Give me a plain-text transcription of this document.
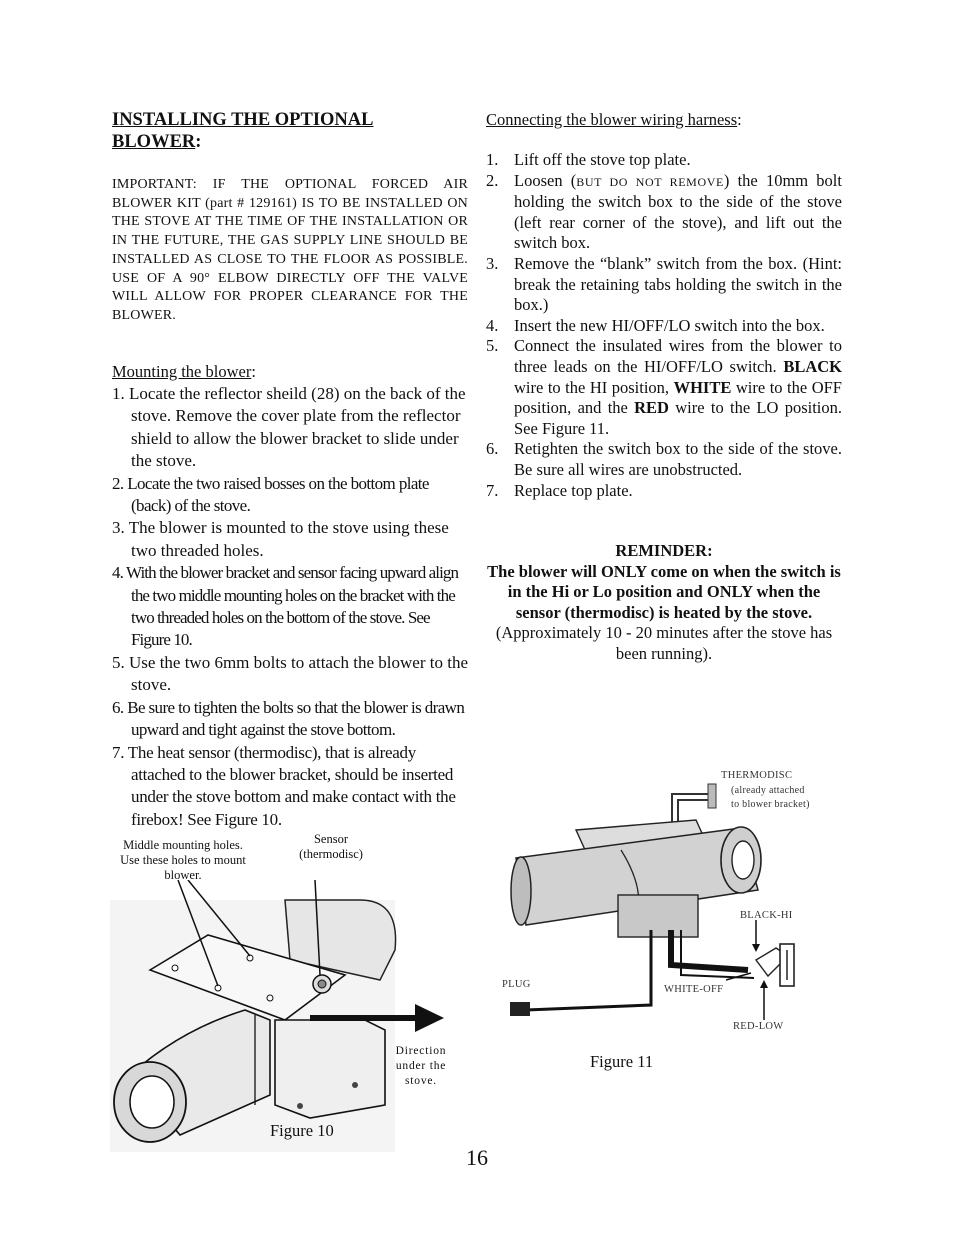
INSTALLING THE OPTIONAL
BLOWER:
IMPORTANT: IF THE OPTIONAL FORCED AIR BLOWER KIT (part # 129161) IS TO BE INSTALLED ON THE STOVE AT THE TIME OF THE INSTALLATION OR IN THE FUTURE, THE GAS SUPPLY LINE SHOULD BE INSTALLED AS CLOSE TO THE FLOOR AS POSSIBLE. USE OF A 90° ELBOW DIRECTLY OFF THE VALVE WILL ALLOW FOR PROPER CLEARANCE FOR THE BLOWER.
Mounting the blower:
1. Locate the reflector sheild (28) on the back of the stove. Remove the cover plate from the reflector shield to allow the blower bracket to slide under the stove.
2. Locate the two raised bosses on the bottom plate (back) of the stove.
3. The blower is mounted to the stove using these two threaded holes.
4. With the blower bracket and sensor facing upward align the two middle mounting holes on the bracket with the two threaded holes on the bottom of the stove. See Figure 10.
5. Use the two 6mm bolts to attach the blower to the stove.
6. Be sure to tighten the bolts so that the blower is drawn upward and tight against the stove bottom.
7. The heat sensor (thermodisc), that is already attached to the blower bracket, should be inserted under the stove bottom and make contact with the firebox! See Figure 10.
Middle mounting holes. Use these holes to mount blower.
Sensor
(thermodisc)
Direction under the stove.
Figure 10
Connecting the blower wiring harness:
1. Lift off the stove top plate.
2. Loosen (BUT DO NOT REMOVE) the 10mm bolt holding the switch box to the side of the stove (left rear corner of the stove), and lift out the switch box.
3. Remove the “blank” switch from the box. (Hint: break the retaining tabs holding the switch in the box.)
4. Insert the new HI/OFF/LO switch into the box.
5. Connect the insulated wires from the blower to three leads on the HI/OFF/LO switch. BLACK wire to the HI position, WHITE wire to the OFF position, and the RED wire to the LO position. See Figure 11.
6. Retighten the switch box to the side of the stove. Be sure all wires are unobstructed.
7. Replace top plate.
REMINDER:
The blower will ONLY come on when the switch is in the Hi or Lo position and ONLY when the sensor (thermodisc) is heated by the stove.
(Approximately 10 - 20 minutes after the stove has been running).
THERMODISC
(already attached
to blower bracket)
BLACK-HI
PLUG	WHITE-OFF
RED-LOW
Figure 11
16
